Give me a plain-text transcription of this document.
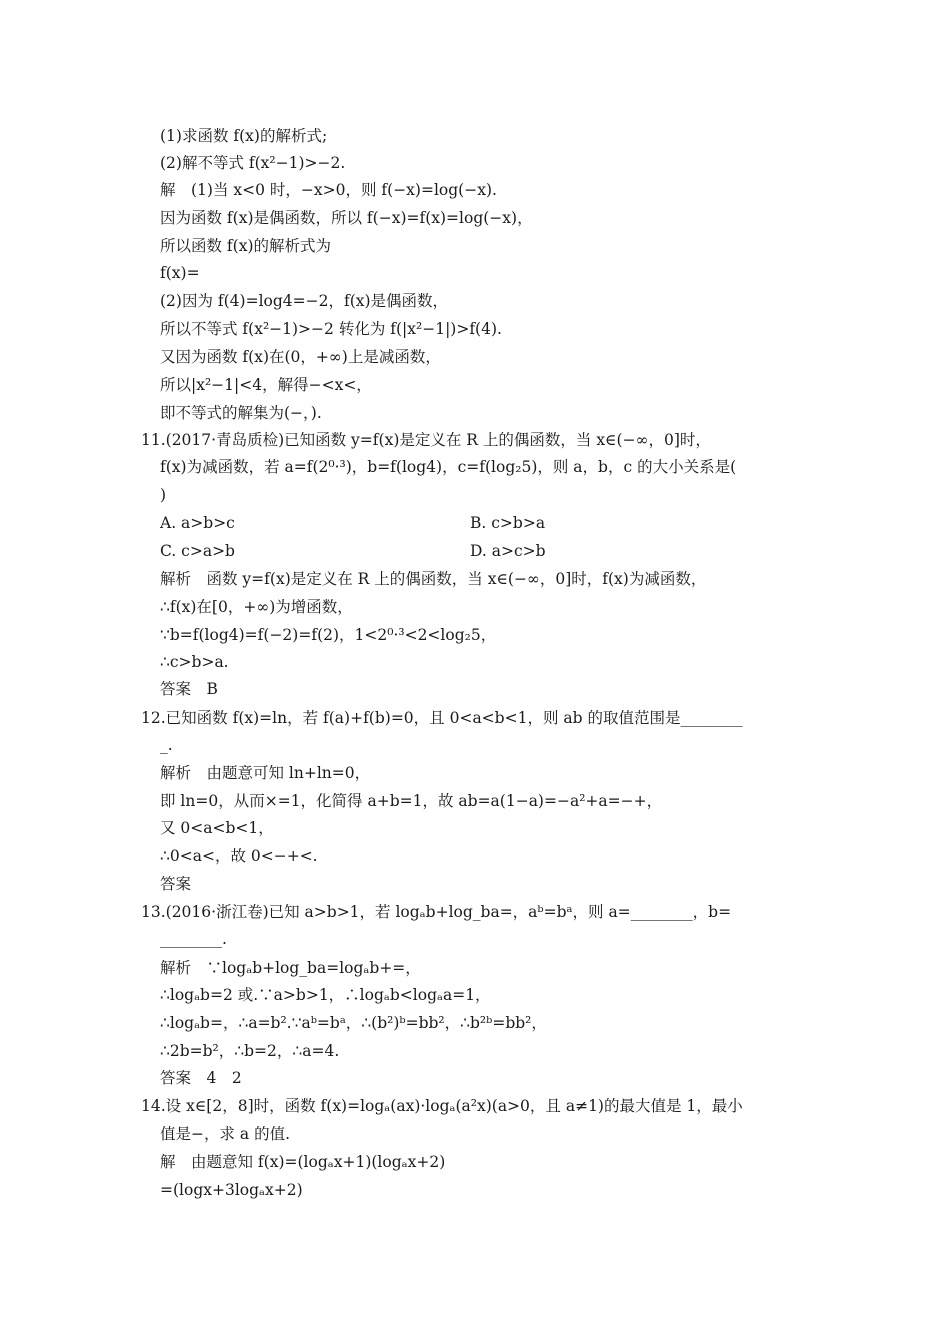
(1)求函数 f(x)的解析式;
(2)解不等式 f(x²−1)>−2.
解　(1)当 x<0 时，−x>0，则 f(−x)=log(−x).
因为函数 f(x)是偶函数，所以 f(−x)=f(x)=log(−x)，
所以函数 f(x)的解析式为
f(x)=
(2)因为 f(4)=log4=−2，f(x)是偶函数，
所以不等式 f(x²−1)>−2 转化为 f(|x²−1|)>f(4).
又因为函数 f(x)在(0，+∞)上是减函数，
所以|x²−1|<4，解得−<x<，
即不等式的解集为(−，).
11.(2017·青岛质检)已知函数 y=f(x)是定义在 R 上的偶函数，当 x∈(−∞，0]时，
f(x)为减函数，若 a=f(2⁰·³)，b=f(log4)，c=f(log₂5)，则 a，b，c 的大小关系是(
)
A. a>b>c	B. c>b>a
C. c>a>b	D. a>c>b
解析　函数 y=f(x)是定义在 R 上的偶函数，当 x∈(−∞，0]时，f(x)为减函数，
∴f(x)在[0，+∞)为增函数，
∵b=f(log4)=f(−2)=f(2)，1<2⁰·³<2<log₂5，
∴c>b>a.
答案　B
12.已知函数 f(x)=ln，若 f(a)+f(b)=0，且 0<a<b<1，则 ab 的取值范围是________
_.
解析　由题意可知 ln+ln=0，
即 ln=0，从而×=1，化简得 a+b=1，故 ab=a(1−a)=−a²+a=−+，
又 0<a<b<1，
∴0<a<，故 0<−+<.
答案
13.(2016·浙江卷)已知 a>b>1，若 logₐb+log_ba=，aᵇ=bᵃ，则 a=________，b=
________.
解析　∵logₐb+log_ba=logₐb+=，
∴logₐb=2 或.∵a>b>1，∴logₐb<logₐa=1，
∴logₐb=，∴a=b².∵aᵇ=bᵃ，∴(b²)ᵇ=bb²，∴b²ᵇ=bb²，
∴2b=b²，∴b=2，∴a=4.
答案　4　2
14.设 x∈[2，8]时，函数 f(x)=logₐ(ax)·logₐ(a²x)(a>0，且 a≠1)的最大值是 1，最小
值是−，求 a 的值.
解　由题意知 f(x)=(logₐx+1)(logₐx+2)
=(logx+3logₐx+2)
